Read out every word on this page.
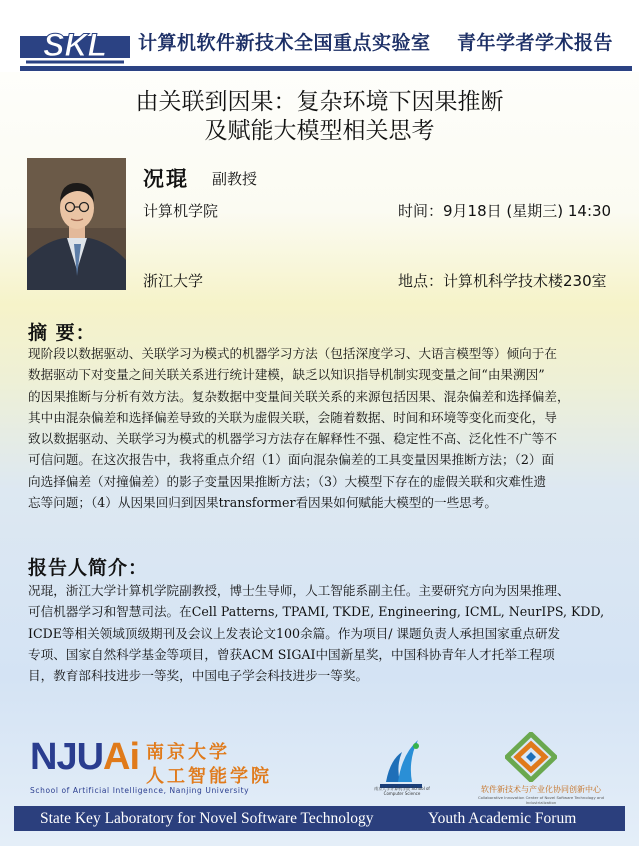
SKL 计算机软件新技术全国重点实验室 青年学者学术报告
由关联到因果：复杂环境下因果推断
及赋能大模型相关思考
况琨 副教授
计算机学院
浙江大学
时间：9月18日 (星期三) 14:30
地点：计算机科学技术楼230室
摘 要：
现阶段以数据驱动、关联学习为模式的机器学习方法（包括深度学习、大语言模型等）倾向于在
数据驱动下对变量之间关联关系进行统计建模，缺乏以知识指导机制实现变量之间“由果溯因”
的因果推断与分析有效方法。复杂数据中变量间关联关系的来源包括因果、混杂偏差和选择偏差，
其中由混杂偏差和选择偏差导致的关联为虚假关联，会随着数据、时间和环境等变化而变化，导
致以数据驱动、关联学习为模式的机器学习方法存在解释性不强、稳定性不高、泛化性不广等不
可信问题。在这次报告中，我将重点介绍（1）面向混杂偏差的工具变量因果推断方法；（2）面
向选择偏差（对撞偏差）的影子变量因果推断方法；（3）大模型下存在的虚假关联和灾难性遗
忘等问题；（4）从因果回归到因果transformer看因果如何赋能大模型的一些思考。
报告人简介：
况琨，浙江大学计算机学院副教授，博士生导师，人工智能系副主任。主要研究方向为因果推理、
可信机器学习和智慧司法。在Cell Patterns, TPAMI, TKDE, Engineering, ICML, NeurIPS, KDD,
ICDE等相关领域顶级期刊及会议上发表论文100余篇。作为项目/ 课题负责人承担国家重点研发
专项、国家自然科学基金等项目，曾获ACM SIGAI中国新星奖，中国科协青年人才托举工程项
目，教育部科技进步一等奖，中国电子学会科技进步一等奖。
NJUAi 南京大学
人工智能学院
School of Artificial Intelligence, Nanjing University	南京大学计算机学院 School of Computer Science	软件新技术与产业化协同创新中心
Collaborative Innovation Center of Novel Software Technology and Industrialization
State Key Laboratory for Novel Software Technology	Youth Academic Forum
